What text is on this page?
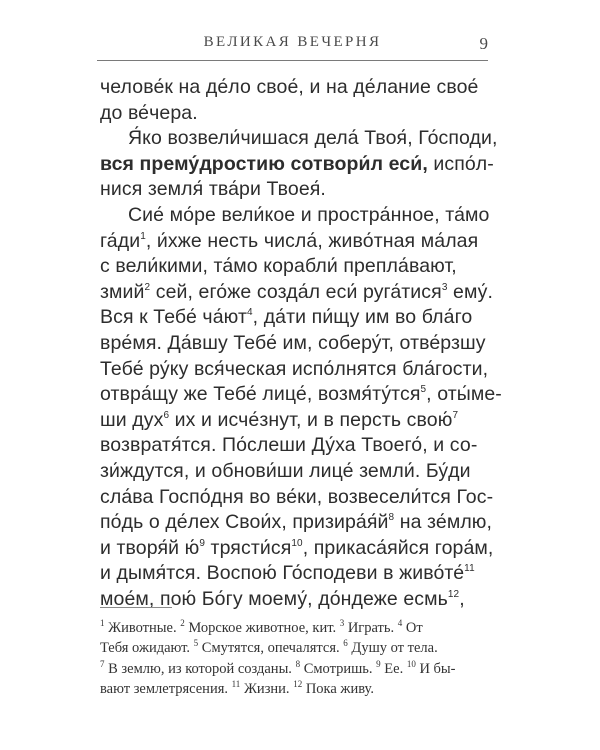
ВЕЛИКАЯ ВЕЧЕРНЯ	9
челове́к на де́ло свое́, и на де́лание свое́
до ве́чера.
Я́ко возвели́чишася дела́ Твоя́, Го́споди,
вся прему́дростию сотвори́л еси́, испо́л-
нися земля́ тва́ри Твоея́.
Сие́ мо́ре вели́кое и простра́нное, та́мо
$га́ди^1$, и́хже несть числа́, живо́тная ма́лая
с вели́кими, та́мо корабли́ препла́вают,
змий$^2$ сей, его́же созда́л еси́ руга́тися$^3$ ему́.
Вся к Тебе́ $ча́ют^4$, да́ти пи́щу им во бла́го
вре́мя. Да́вшу Тебе́ им, соберу́т, отве́рзшу
Тебе́ ру́ку вся́ческая испо́лнятся бла́гости,
отвра́щу же Тебе́ лице́, возмя́ту́тся$^5$, оты́ме-
ши дух$^6$ их и исче́знут, и в персть свою́$^7$
возвратя́тся. По́слеши Ду́ха Твоего́, и со-
зи́ждутся, и обнови́ши лице́ земли́. Бу́ди
сла́ва Госпо́дня во ве́ки, возвесели́тся Гос-
по́дь о де́лех Свои́х, $призира́я́й^8$ на зе́млю,
и творя́й ю́$^9$ $трясти́ся^{10}$, прикаса́яйся гора́м,
и дымя́тся. Воспою́ Го́сподеви в живо́те́$^{11}$
мое́м, пою́ Бо́гу моему́, до́ндеже есмь$^{12}$,
$^1$ Животные. $^2$ Морское животное, кит. $^3$ Играть. $^4$ От
Тебя ожидают. $^5$ Смутятся, опечалятся. $^6$ Душу от тела.
$^7$ В землю, из которой созданы. $^8$ Смотришь. $^9$ Ее. $^{10}$ И бы-
вают землетрясения. $^{11}$ Жизни. $^{12}$ Пока живу.
